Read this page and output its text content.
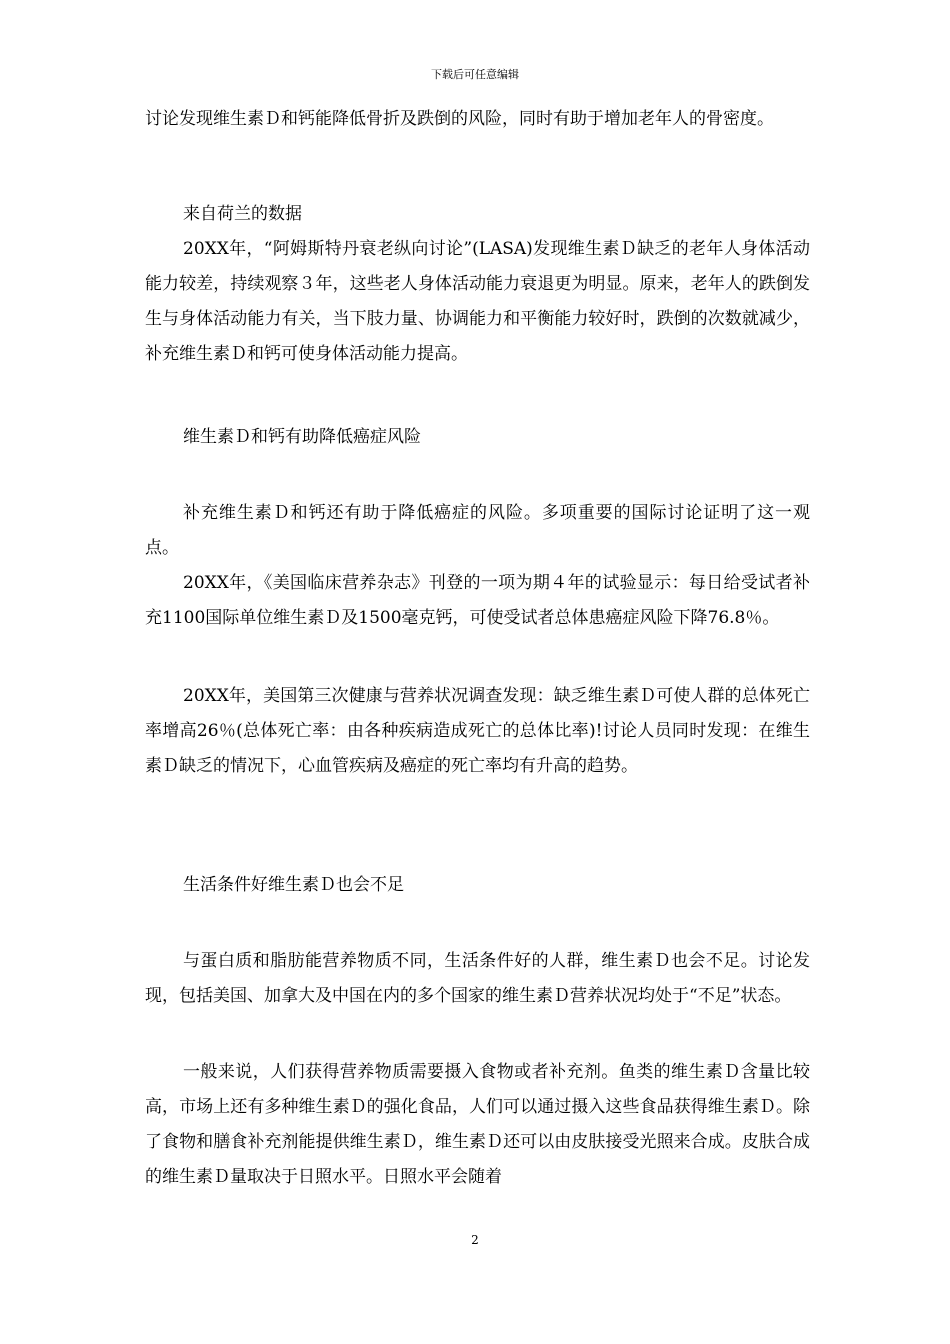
下载后可任意编辑

讨论发现维生素Ｄ和钙能降低骨折及跌倒的风险，同时有助于增加老年人的骨密度。

来自荷兰的数据

20XX年，“阿姆斯特丹衰老纵向讨论”(LASA)发现维生素Ｄ缺乏的老年人身体活动能力较差，持续观察３年，这些老人身体活动能力衰退更为明显。原来，老年人的跌倒发生与身体活动能力有关，当下肢力量、协调能力和平衡能力较好时，跌倒的次数就减少，补充维生素Ｄ和钙可使身体活动能力提高。

维生素Ｄ和钙有助降低癌症风险

补充维生素Ｄ和钙还有助于降低癌症的风险。多项重要的国际讨论证明了这一观点。

20XX年，《美国临床营养杂志》刊登的一项为期４年的试验显示：每日给受试者补充1100国际单位维生素Ｄ及1500毫克钙，可使受试者总体患癌症风险下降76.8％。

20XX年，美国第三次健康与营养状况调查发现：缺乏维生素Ｄ可使人群的总体死亡率增高26％(总体死亡率：由各种疾病造成死亡的总体比率)!讨论人员同时发现：在维生素Ｄ缺乏的情况下，心血管疾病及癌症的死亡率均有升高的趋势。

生活条件好维生素Ｄ也会不足

与蛋白质和脂肪能营养物质不同，生活条件好的人群，维生素Ｄ也会不足。讨论发现，包括美国、加拿大及中国在内的多个国家的维生素Ｄ营养状况均处于“不足”状态。

一般来说，人们获得营养物质需要摄入食物或者补充剂。鱼类的维生素Ｄ含量比较高，市场上还有多种维生素Ｄ的强化食品，人们可以通过摄入这些食品获得维生素Ｄ。除了食物和膳食补充剂能提供维生素Ｄ，维生素Ｄ还可以由皮肤接受光照来合成。皮肤合成的维生素Ｄ量取决于日照水平。日照水平会随着

2
